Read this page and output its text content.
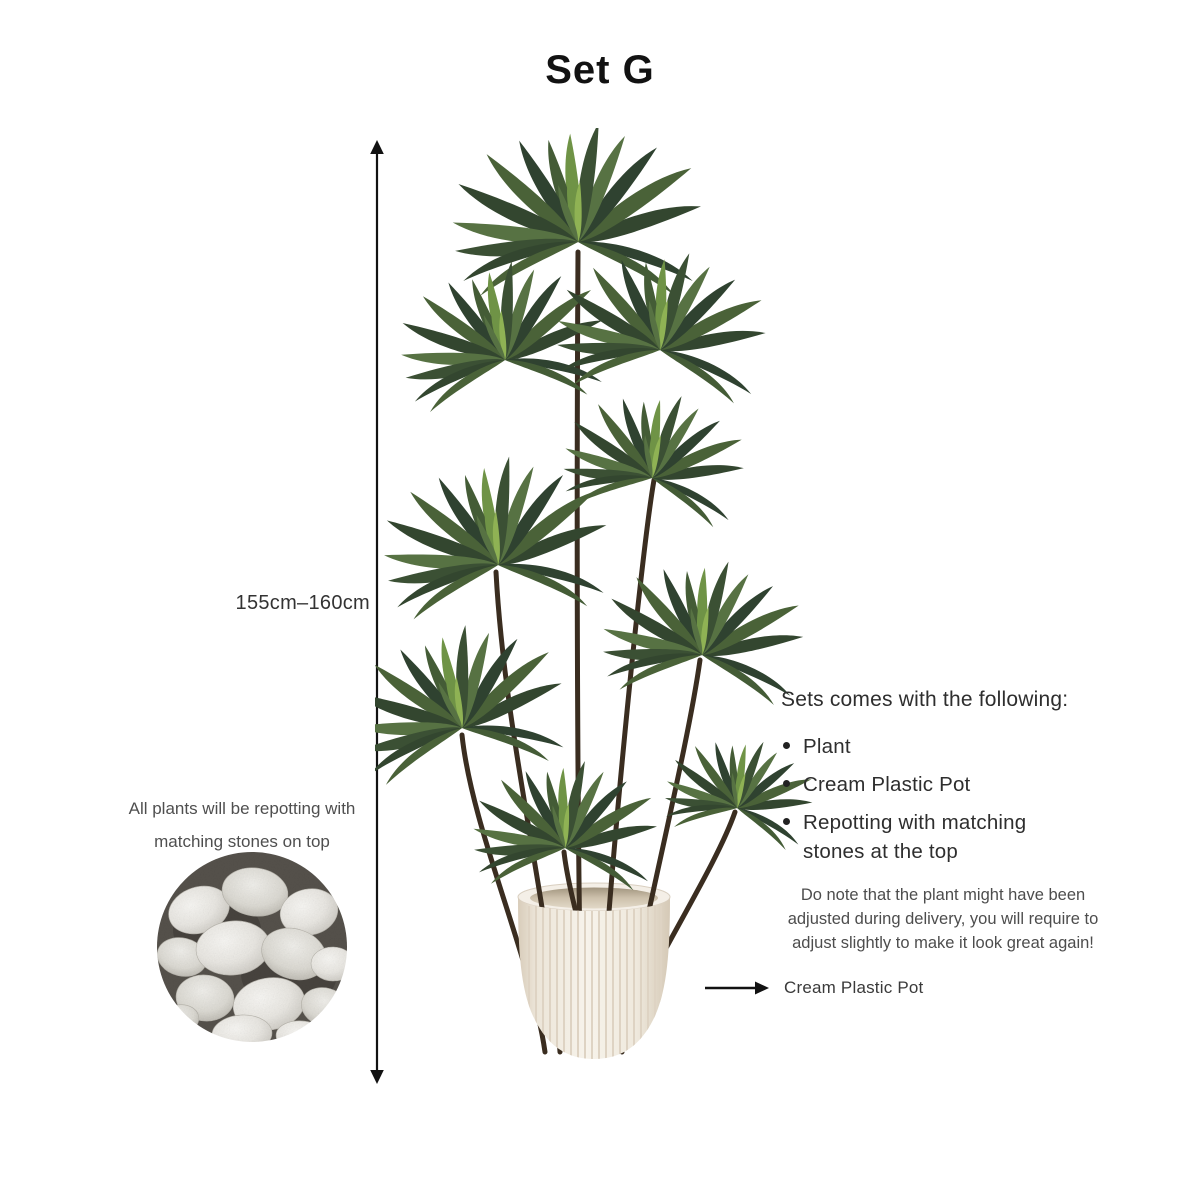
Set G
155cm–160cm
All plants will be repotting with
matching stones on top
Cream Plastic Pot
Sets comes with the following:
Plant
Cream Plastic Pot
Repotting with matching stones at the top
Do note that the plant might have been
adjusted during delivery, you will require to
adjust slightly to make it look great again!
